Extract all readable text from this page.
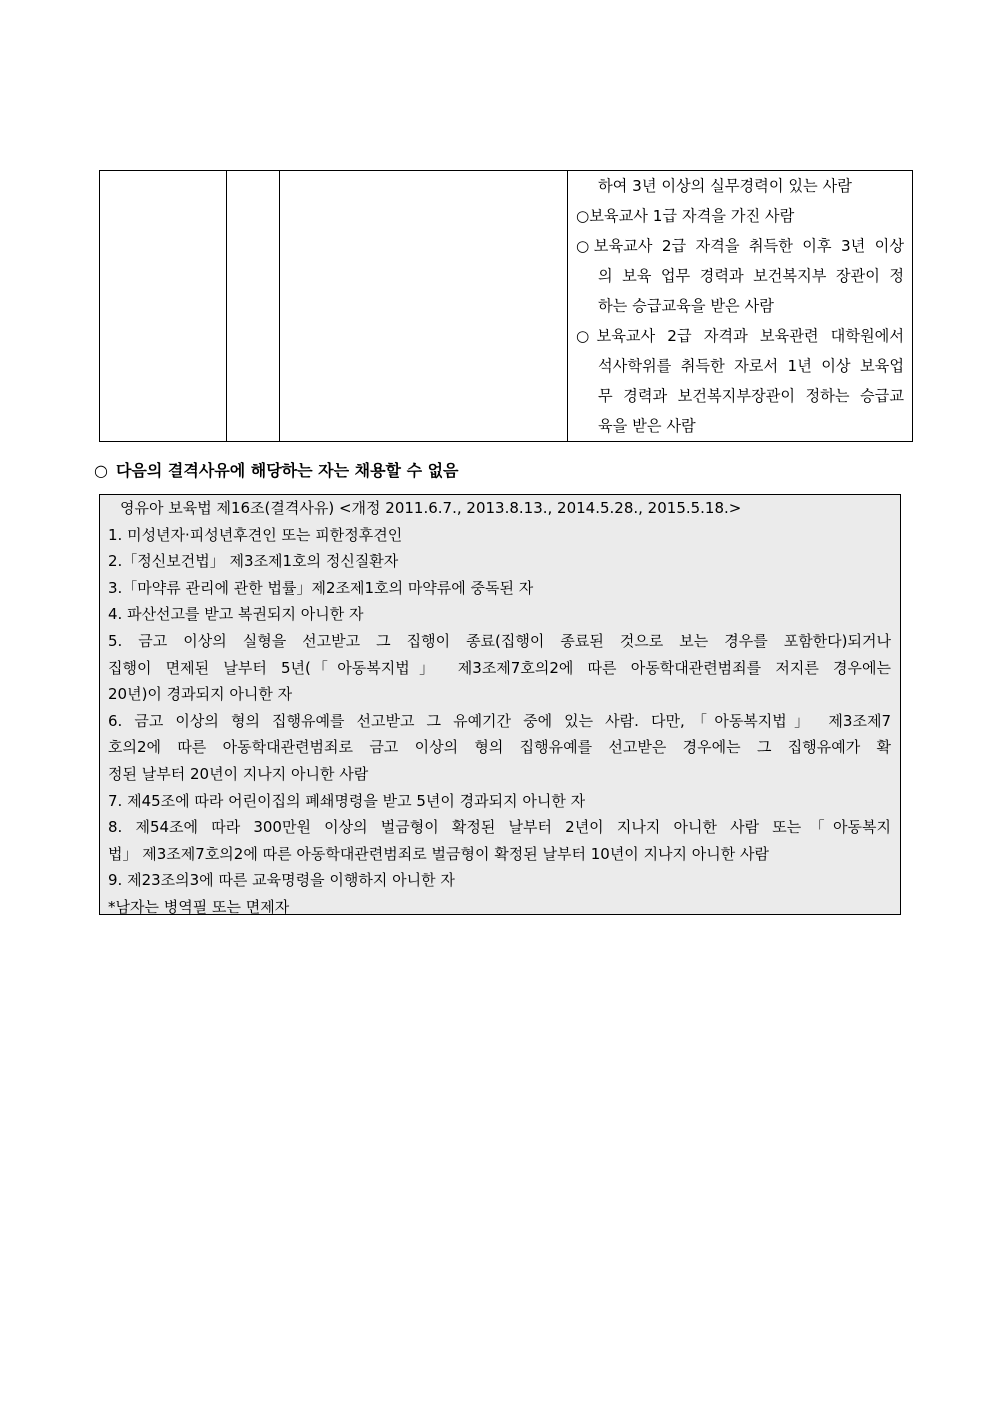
하여 3년 이상의 실무경력이 있는 사람
○보육교사 1급 자격을 가진 사람
○보육교사 2급 자격을 취득한 이후 3년 이상
의 보육 업무 경력과 보건복지부 장관이 정
하는 승급교육을 받은 사람
○보육교사 2급 자격과 보육관련 대학원에서
석사학위를 취득한 자로서 1년 이상 보육업
무 경력과 보건복지부장관이 정하는 승급교
육을 받은 사람
○ 다음의 결격사유에 해당하는 자는 채용할 수 없음
영유아 보육법 제16조(결격사유) <개정 2011.6.7., 2013.8.13., 2014.5.28., 2015.5.18.>
1. 미성년자·피성년후견인 또는 피한정후견인
2.「정신보건법」 제3조제1호의 정신질환자
3.「마약류 관리에 관한 법률」제2조제1호의 마약류에 중독된 자
4. 파산선고를 받고 복권되지 아니한 자
5. 금고 이상의 실형을 선고받고 그 집행이 종료(집행이 종료된 것으로 보는 경우를 포함한다)되거나
집행이 면제된 날부터 5년(「아동복지법」 제3조제7호의2에 따른 아동학대관련범죄를 저지른 경우에는
20년)이 경과되지 아니한 자
6. 금고 이상의 형의 집행유예를 선고받고 그 유예기간 중에 있는 사람. 다만,「아동복지법」 제3조제7
호의2에 따른 아동학대관련범죄로 금고 이상의 형의 집행유예를 선고받은 경우에는 그 집행유예가 확
정된 날부터 20년이 지나지 아니한 사람
7. 제45조에 따라 어린이집의 폐쇄명령을 받고 5년이 경과되지 아니한 자
8. 제54조에 따라 300만원 이상의 벌금형이 확정된 날부터 2년이 지나지 아니한 사람 또는「아동복지
법」 제3조제7호의2에 따른 아동학대관련범죄로 벌금형이 확정된 날부터 10년이 지나지 아니한 사람
9. 제23조의3에 따른 교육명령을 이행하지 아니한 자
*남자는 병역필 또는 면제자
